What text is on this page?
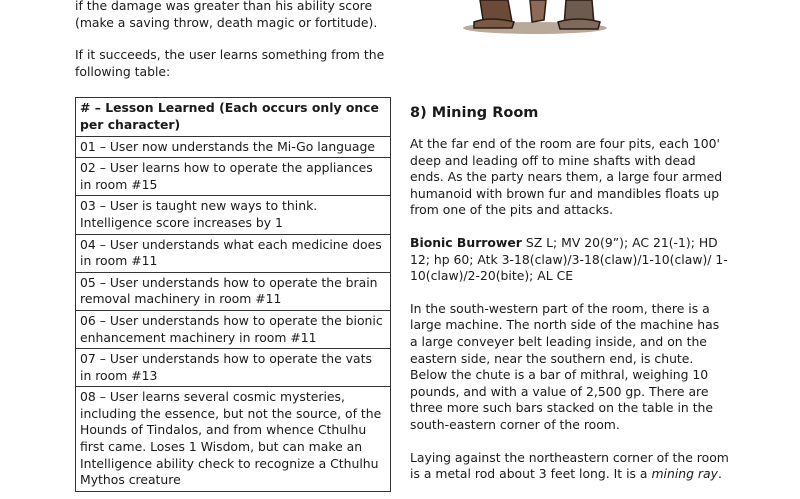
if the damage was greater than his ability score (make a saving throw, death magic or fortitude).

If it succeeds, the user learns something from the following table:

# – Lesson Learned (Each occurs only once per character)
01 – User now understands the Mi-Go language
02 – User learns how to operate the appliances in room #15
03 – User is taught new ways to think. Intelligence score increases by 1
04 – User understands what each medicine does in room #11
05 – User understands how to operate the brain removal machinery in room #11
06 – User understands how to operate the bionic enhancement machinery in room #11
07 – User understands how to operate the vats in room #13
08 – User learns several cosmic mysteries, including the essence, but not the source, of the Hounds of Tindalos, and from whence Cthulhu first came. Loses 1 Wisdom, but can make an Intelligence ability check to recognize a Cthulhu Mythos creature
8) Mining Room

At the far end of the room are four pits, each 100' deep and leading off to mine shafts with dead ends. As the party nears them, a large four armed humanoid with brown fur and mandibles floats up from one of the pits and attacks.

Bionic Burrower SZ L; MV 20(9”); AC 21(-1); HD 12; hp 60; Atk 3-18(claw)/3-18(claw)/1-10(claw)/ 1-10(claw)/2-20(bite); AL CE

In the south-western part of the room, there is a large machine. The north side of the machine has a large conveyer belt leading inside, and on the eastern side, near the southern end, is chute. Below the chute is a bar of mithral, weighing 10 pounds, and with a value of 2,500 gp. There are three more such bars stacked on the table in the south-eastern corner of the room.

Laying against the northeastern corner of the room is a metal rod about 3 feet long. It is a mining ray.
